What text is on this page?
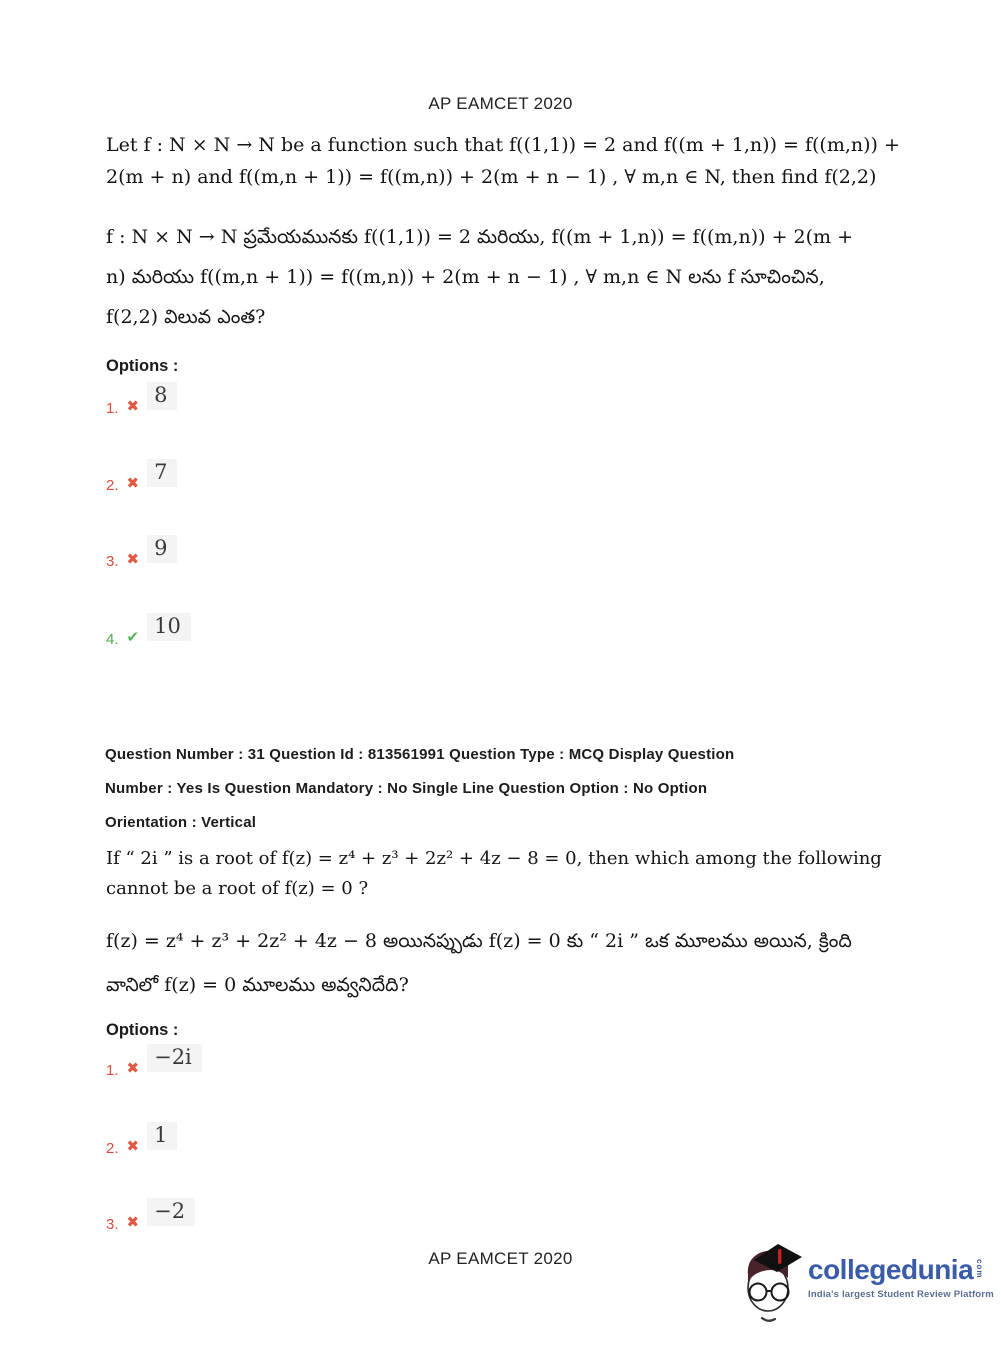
AP EAMCET 2020
Let f : N × N → N be a function such that f((1,1)) = 2 and f((m + 1,n)) = f((m,n)) +
2(m + n) and f((m,n + 1)) = f((m,n)) + 2(m + n − 1) , ∀ m,n ∈ N, then find f(2,2)
f : N × N → N ప్రమేయమునకు f((1,1)) = 2 మరియు, f((m + 1,n)) = f((m,n)) + 2(m +
n) మరియు f((m,n + 1)) = f((m,n)) + 2(m + n − 1) , ∀ m,n ∈ N లను f సూచించిన,
f(2,2) విలువ ఎంత?
Options :
1. ✖ 8
2. ✖ 7
3. ✖ 9
4. ✔ 10
Question Number : 31 Question Id : 813561991 Question Type : MCQ Display Question
Number : Yes Is Question Mandatory : No Single Line Question Option : No Option
Orientation : Vertical
If “ 2i ” is a root of f(z) = z⁴ + z³ + 2z² + 4z − 8 = 0, then which among the following
cannot be a root of f(z) = 0 ?
f(z) = z⁴ + z³ + 2z² + 4z − 8 అయినప్పుడు f(z) = 0 కు “ 2i ” ఒక మూలము అయిన, క్రింది
వానిలో f(z) = 0 మూలము అవ్వనిదేది?
Options :
1. ✖ −2i
2. ✖ 1
3. ✖ −2
AP EAMCET 2020	collegedunia com
India's largest Student Review Platform
